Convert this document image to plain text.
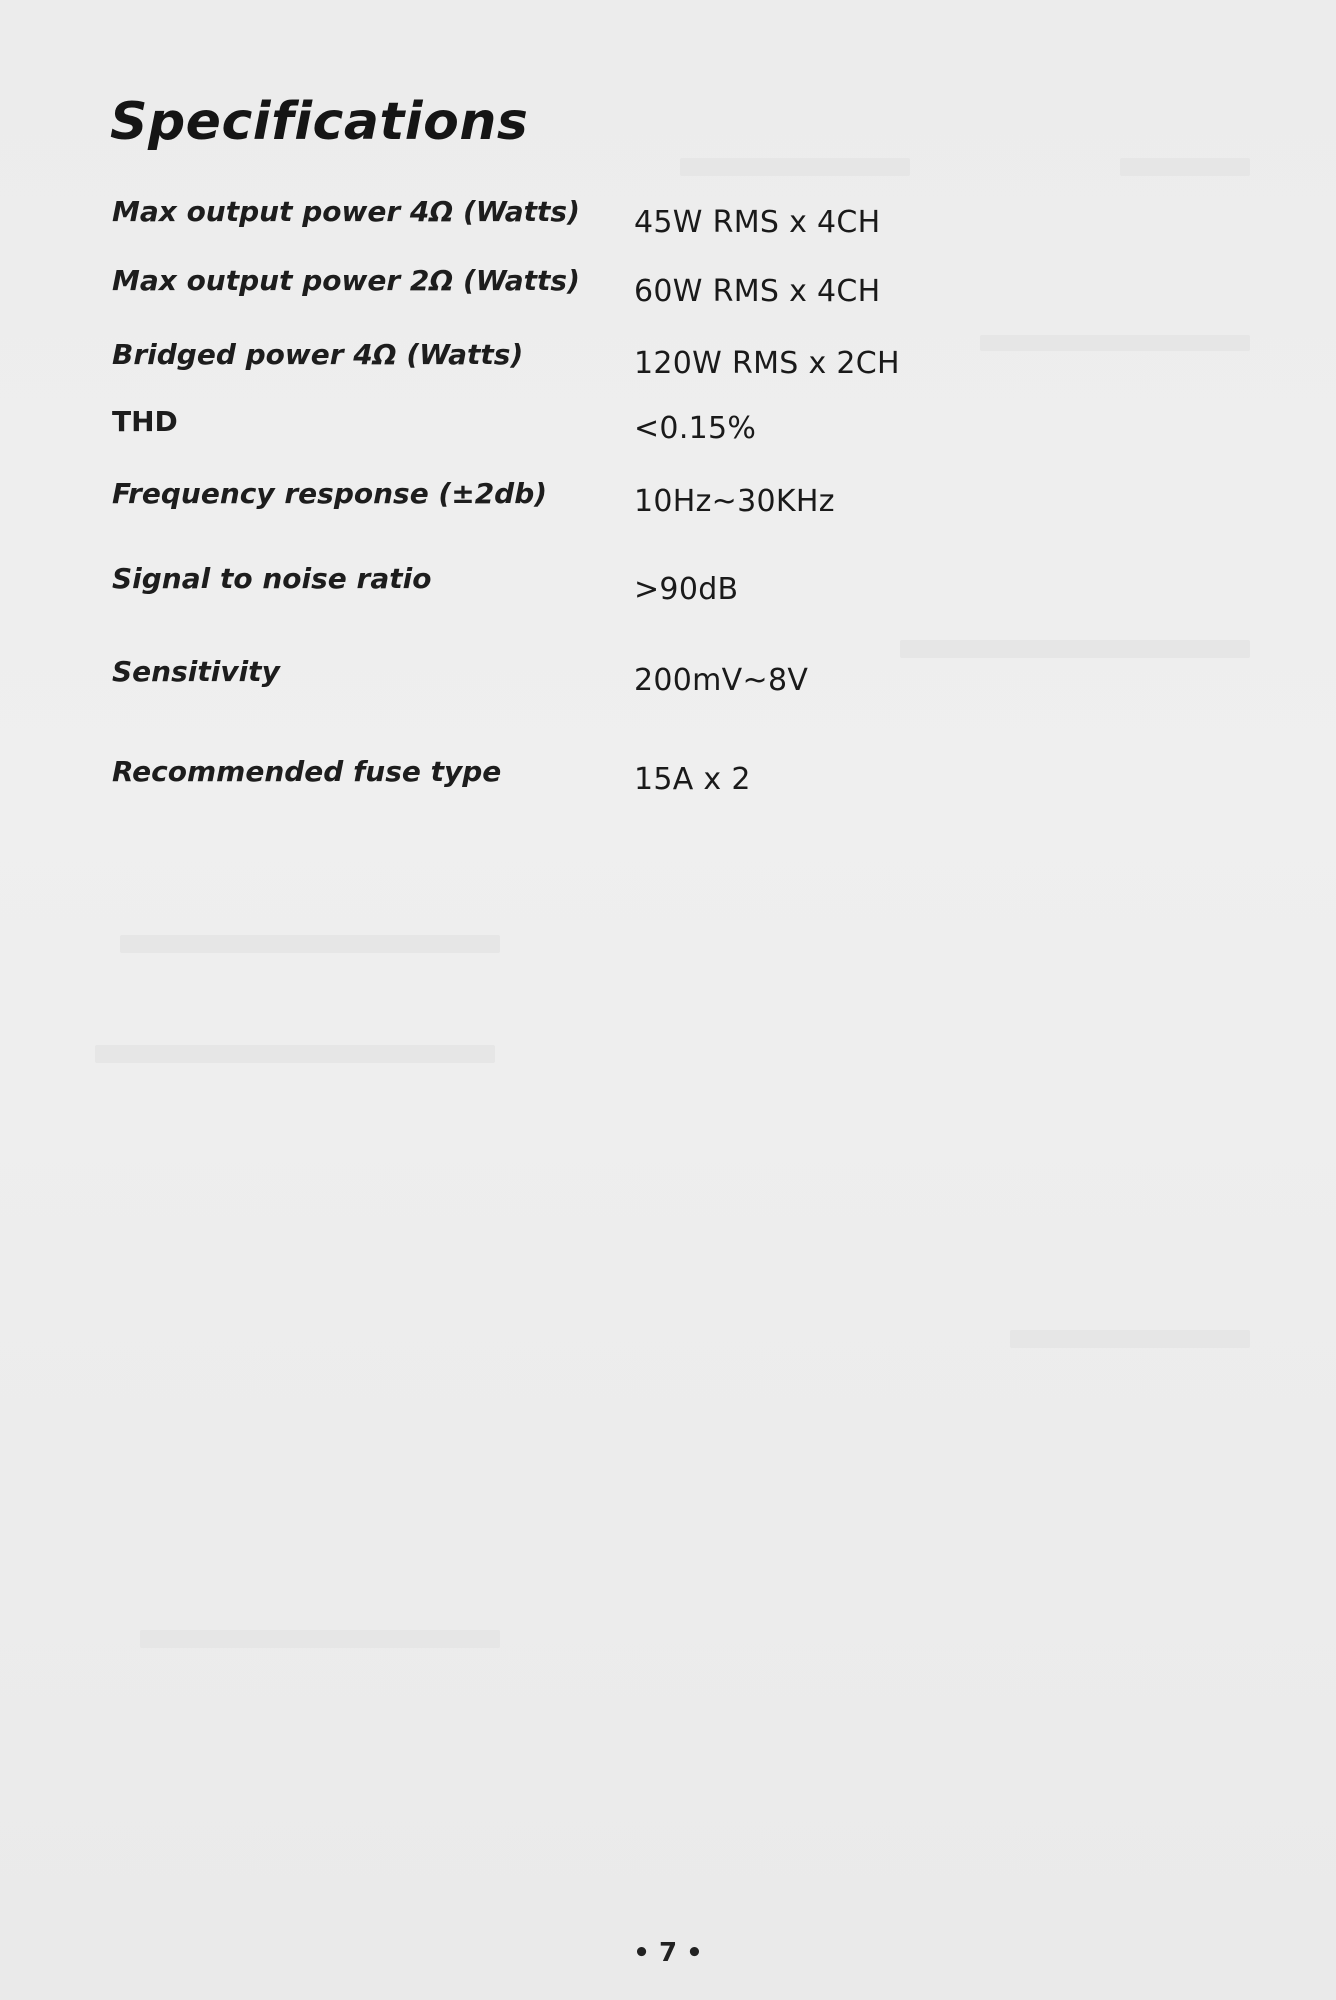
Specifications
Max output power 4Ω (Watts) 45W RMS x 4CH
Max output power 2Ω (Watts) 60W RMS x 4CH
Bridged power 4Ω (Watts)	120W RMS x 2CH
THD	<0.15%
Frequency response (±2db)	10Hz~30KHz
Signal to noise ratio	>90dB
Sensitivity	200mV~8V
Recommended fuse type	15A x 2
• 7 •
